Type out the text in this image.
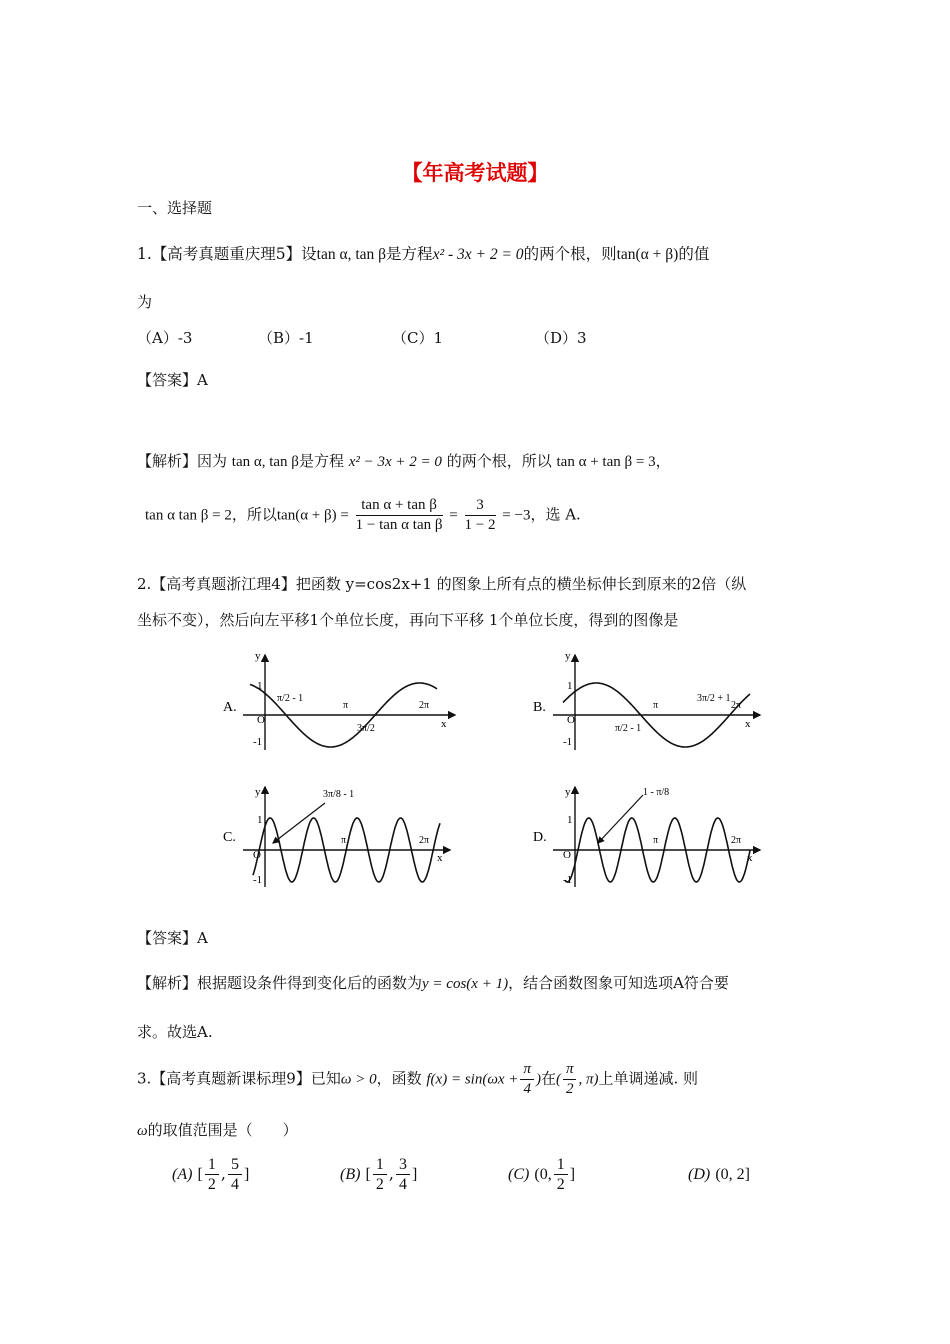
【年高考试题】
一、选择题
1.【高考真题重庆理5】设tan α, tan β是方程x² - 3x + 2 = 0的两个根，则tan(α + β)的值
为
（A）-3	（B）-1	（C）1	（D）3
【答案】A
【解析】因为 tan α, tan β是方程 x² − 3x + 2 = 0 的两个根，所以 tan α + tan β = 3，
tan α tan β = 2，所以$\tan(\alpha + \beta) = \frac{\text{tan α + tan β}}{\text{1 − tan α tan β}} = \frac{3}{1 - 2} = -3$，选 A.
2.【高考真题浙江理4】把函数 y=cos2x+1 的图象上所有点的横坐标伸长到原来的2倍（纵
坐标不变），然后向左平移1个单位长度，再向下平移 1个单位长度，得到的图像是
A.
y
x
O
1
-1
π	2π
π/2 - 1
3π/2
B.
y
x
O
1
-1
π	2π
π/2 - 1
3π/2 + 1
C.
y
x
O
1
-1
π	2π
3π/8 - 1
D.
y
x
O
1
-1
π	2π
1 - π/8
【答案】A
【解析】根据题设条件得到变化后的函数为y = cos(x + 1)，结合函数图象可知选项A符合要
求。故选A.
3.【高考真题新课标理9】已知ω > 0，函数 $f(x) = \sin(\omega x + \frac{\pi}{4}$ )在( $\frac{\pi}{2}$ , π)上单调递减. 则
ω的取值范围是（　　）
(A) [ $\frac{1}{2}$ , $\frac{5}{4}$ ]	(B) [ $\frac{1}{2}$ , $\frac{3}{4}$ ]	(C) (0, $\frac{1}{2}$ ]	(D) (0, 2]
